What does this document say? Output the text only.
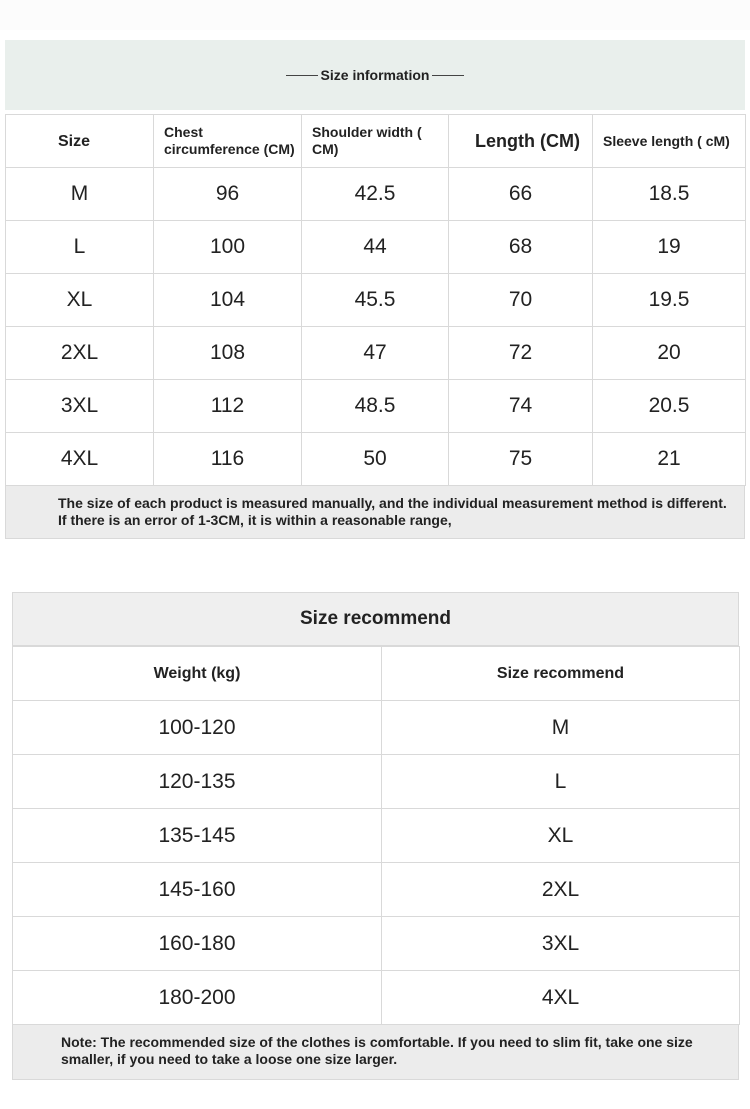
Size information
Size	Chest circumference (CM)	Shoulder width ( CM)	Length (CM)	Sleeve length ( cM)
M	96	42.5	66	18.5
L	100	44	68	19
XL	104	45.5	70	19.5
2XL	108	47	72	20
3XL	112	48.5	74	20.5
4XL	116	50	75	21
The size of each product is measured manually, and the individual measurement method is different. If there is an error of 1-3CM, it is within a reasonable range,
Size recommend
Weight (kg)	Size recommend
100-120	M
120-135	L
135-145	XL
145-160	2XL
160-180	3XL
180-200	4XL
Note: The recommended size of the clothes is comfortable. If you need to slim fit, take one size smaller, if you need to take a loose one size larger.
